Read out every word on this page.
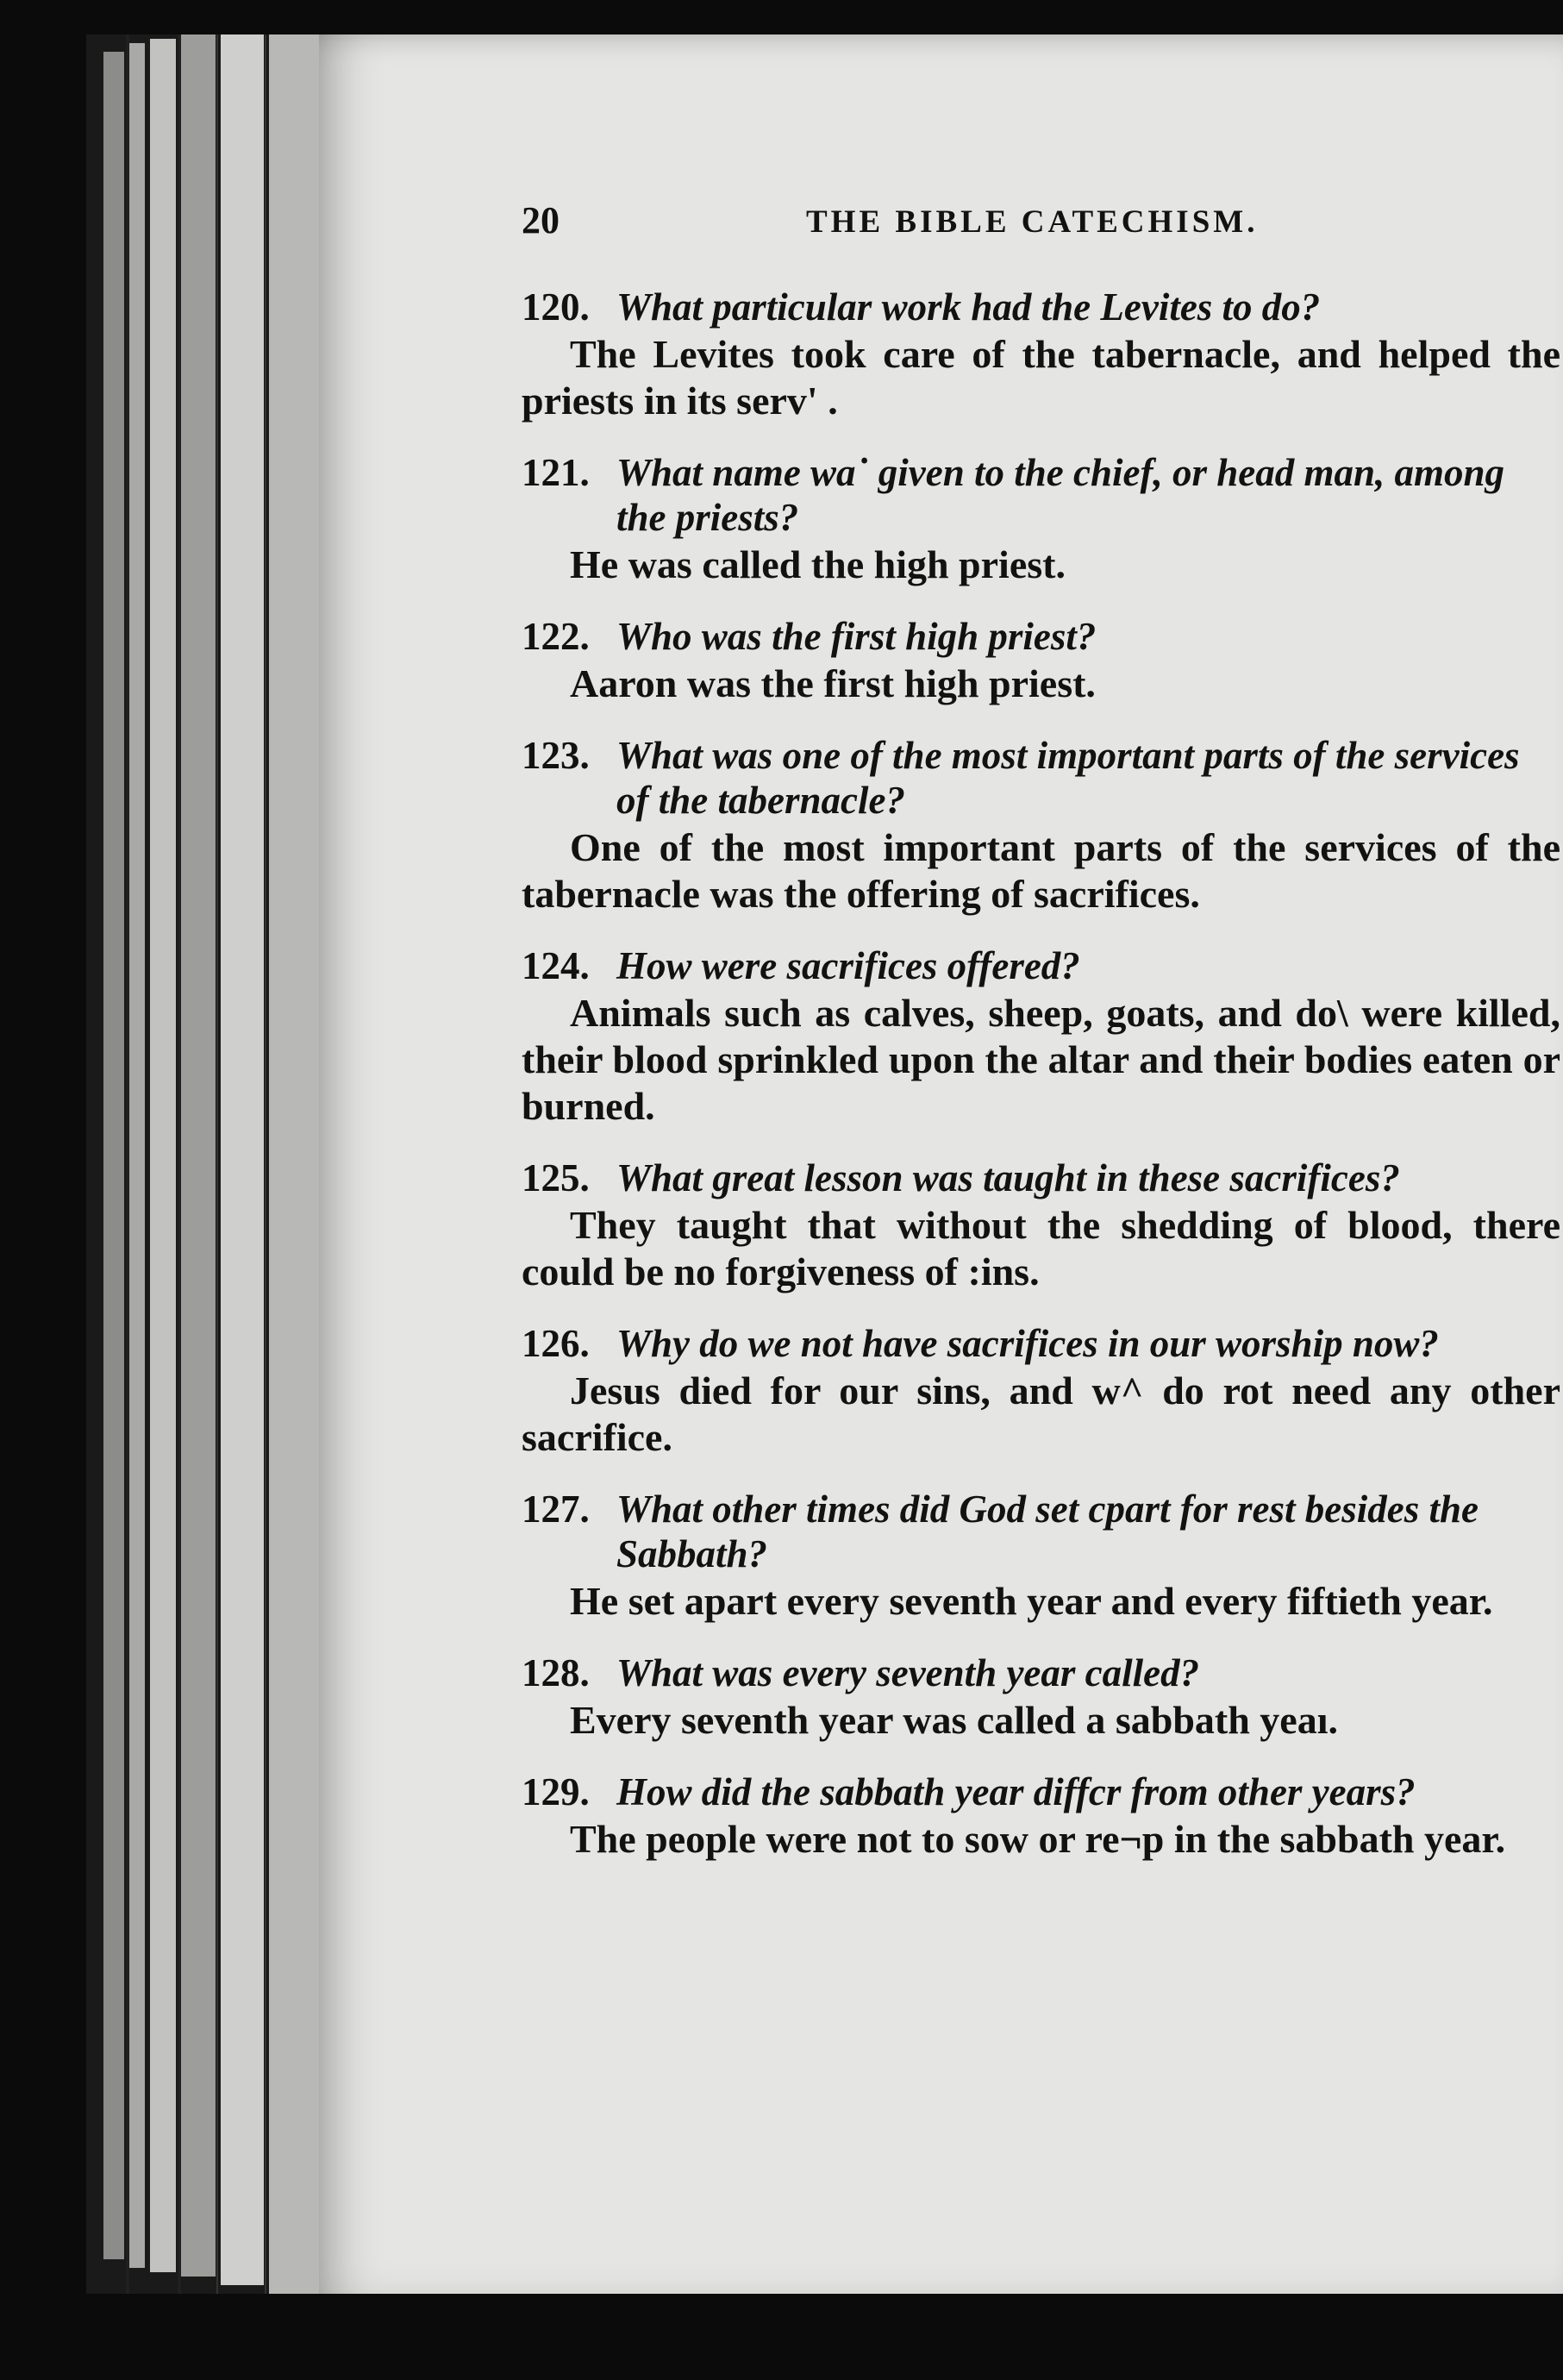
20	THE BIBLE CATECHISM.
120. What particular work had the Levites to do?
The Levites took care of the tabernacle, and helped the priests in its serv' .
121. What name wa˙ given to the chief, or head man, among the priests?
He was called the high priest.
122. Who was the first high priest?
Aaron was the first high priest.
123. What was one of the most important parts of the services of the tabernacle?
One of the most important parts of the services of the tabernacle was the offering of sacrifices.
124. How were sacrifices offered?
Animals such as calves, sheep, goats, and do\ were killed, their blood sprinkled upon the altar and their bodies eaten or burned.
125. What great lesson was taught in these sacrifices?
They taught that without the shedding of blood, there could be no forgiveness of :ins.
126. Why do we not have sacrifices in our worship now?
Jesus died for our sins, and w^ do rot need any other sacrifice.
127. What other times did God set cpart for rest besides the Sabbath?
He set apart every seventh year and every fiftieth year.
128. What was every seventh year called?
Every seventh year was called a sabbath yeaı.
129. How did the sabbath year diffcr from other years?
The people were not to sow or re¬p in the sabbath year.
